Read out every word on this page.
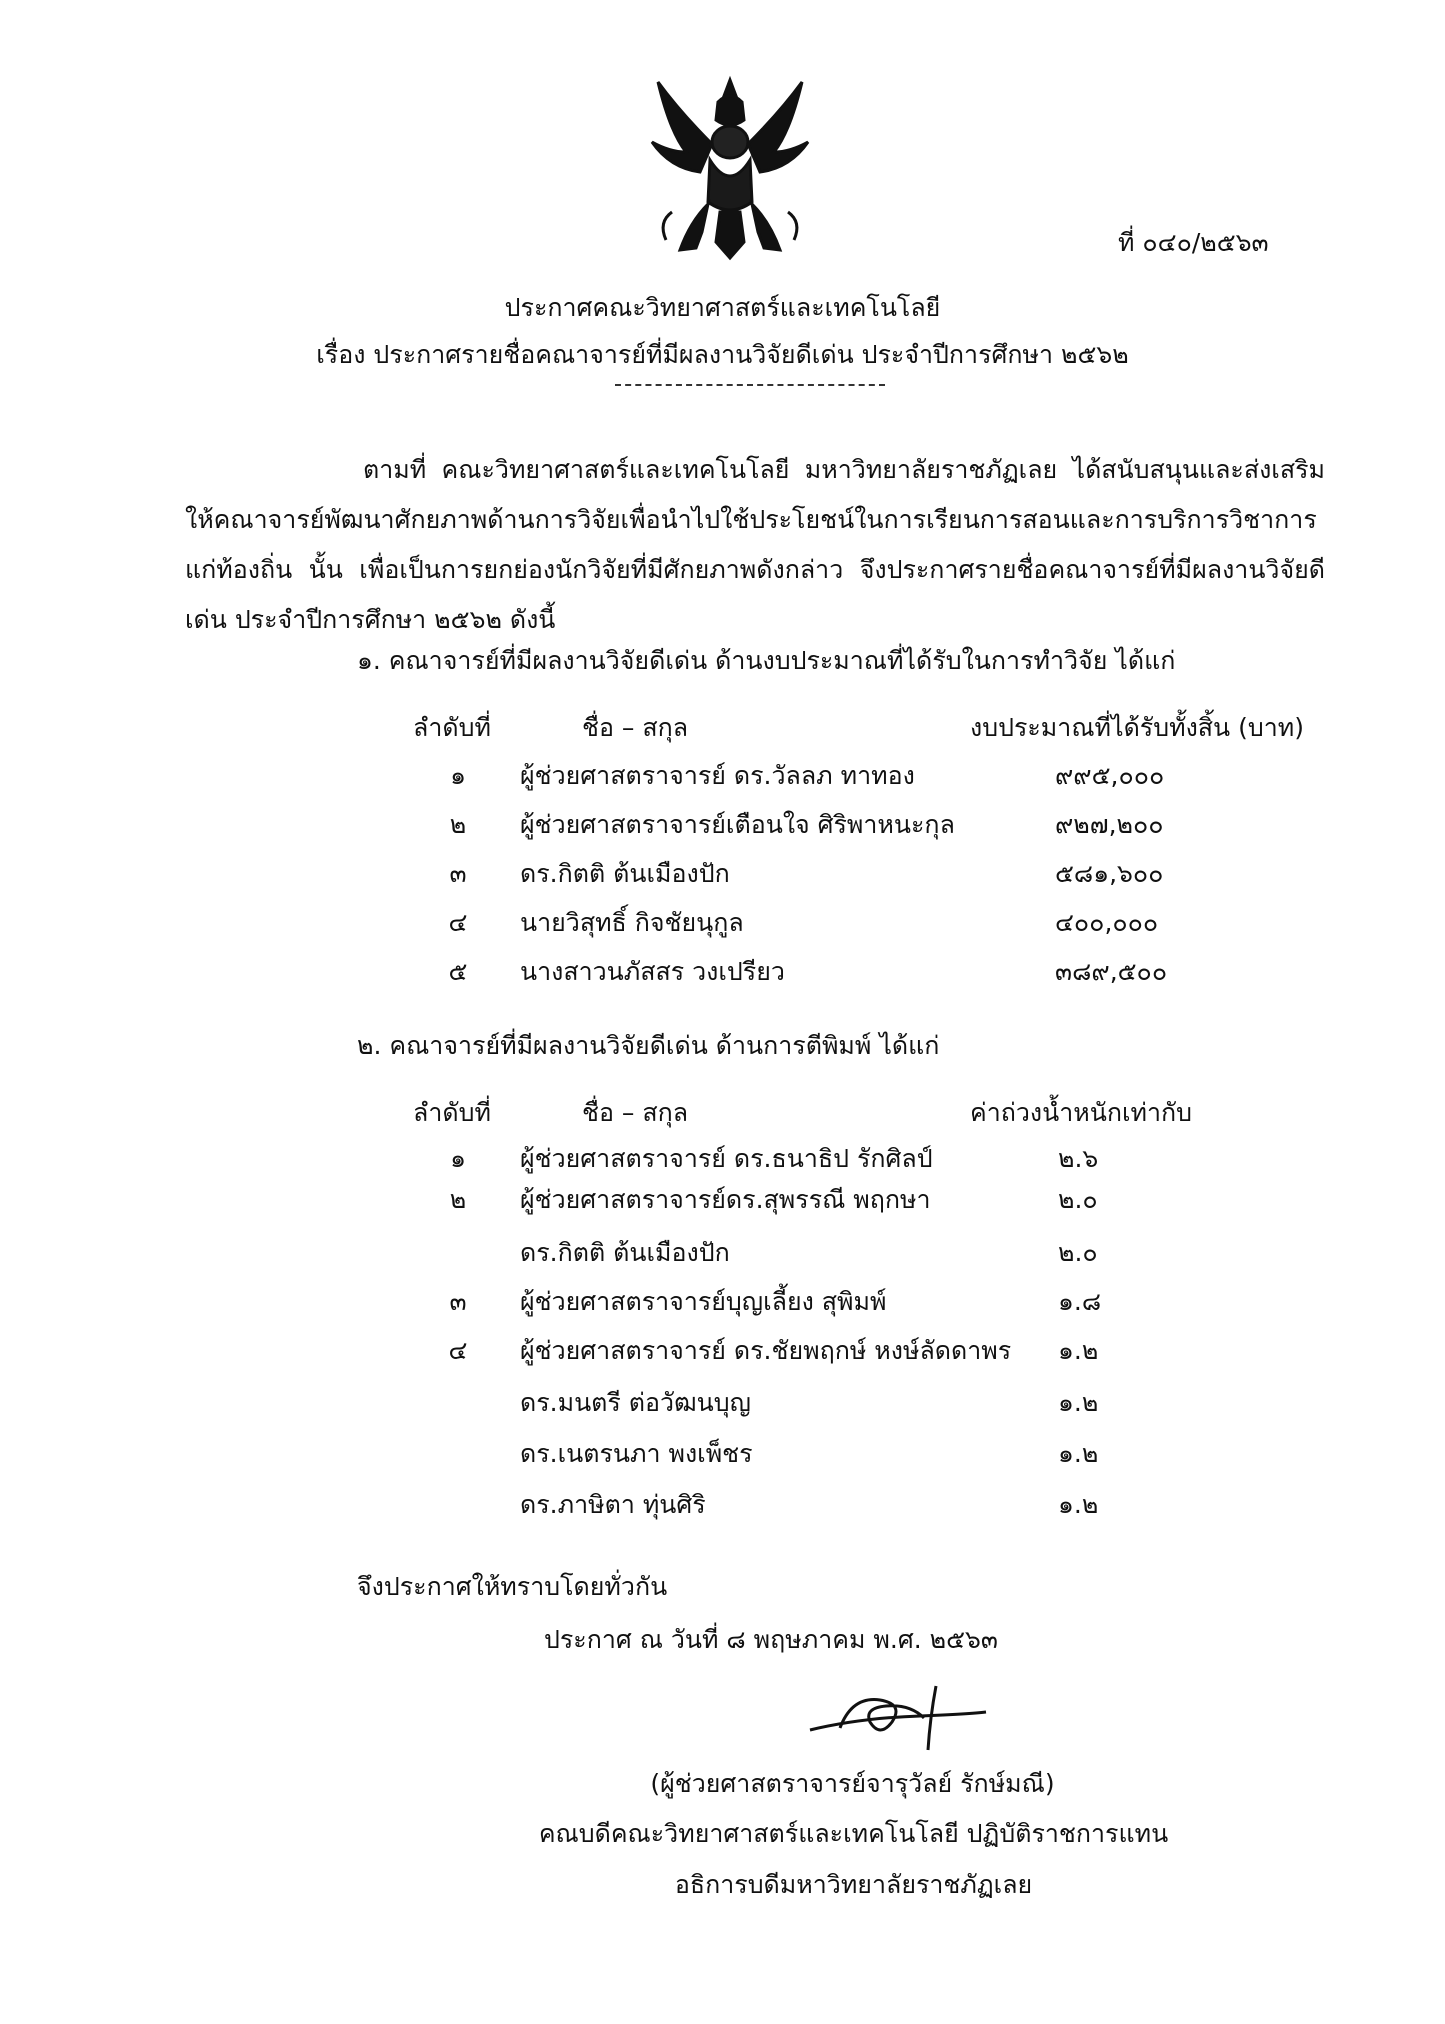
ที่ ๐๔๐/๒๕๖๓
ประกาศคณะวิทยาศาสตร์และเทคโนโลยี
เรื่อง ประกาศรายชื่อคณาจารย์ที่มีผลงานวิจัยดีเด่น ประจำปีการศึกษา ๒๕๖๒

ตามที่ คณะวิทยาศาสตร์และเทคโนโลยี มหาวิทยาลัยราชภัฏเลย ได้สนับสนุนและส่งเสริมให้คณาจารย์พัฒนาศักยภาพด้านการวิจัยเพื่อนำไปใช้ประโยชน์ในการเรียนการสอนและการบริการวิชาการแก่ท้องถิ่น นั้น เพื่อเป็นการยกย่องนักวิจัยที่มีศักยภาพดังกล่าว จึงประกาศรายชื่อคณาจารย์ที่มีผลงานวิจัยดีเด่น ประจำปีการศึกษา ๒๕๖๒ ดังนี้

๑. คณาจารย์ที่มีผลงานวิจัยดีเด่น ด้านงบประมาณที่ได้รับในการทำวิจัย ได้แก่
ลำดับที่	ชื่อ – สกุล	งบประมาณที่ได้รับทั้งสิ้น (บาท)
๑ ผู้ช่วยศาสตราจารย์ ดร.วัลลภ ทาทอง	๙๙๕,๐๐๐
๒ ผู้ช่วยศาสตราจารย์เตือนใจ ศิริพาหนะกุล	๙๒๗,๒๐๐
๓ ดร.กิตติ ต้นเมืองปัก	๕๘๑,๖๐๐
๔ นายวิสุทธิ์ กิจชัยนุกูล	๔๐๐,๐๐๐
๕ นางสาวนภัสสร วงเปรียว	๓๘๙,๕๐๐
๒. คณาจารย์ที่มีผลงานวิจัยดีเด่น ด้านการตีพิมพ์ ได้แก่
ลำดับที่	ชื่อ – สกุล	ค่าถ่วงน้ำหนักเท่ากับ
๑ ผู้ช่วยศาสตราจารย์ ดร.ธนาธิป รักศิลป์	๒.๖
๒ ผู้ช่วยศาสตราจารย์ดร.สุพรรณี พฤกษา	๒.๐
ดร.กิตติ ต้นเมืองปัก	๒.๐
๓ ผู้ช่วยศาสตราจารย์บุญเลี้ยง สุพิมพ์	๑.๘
๔ ผู้ช่วยศาสตราจารย์ ดร.ชัยพฤกษ์ หงษ์ลัดดาพร ๑.๒
ดร.มนตรี ต่อวัฒนบุญ	๑.๒
ดร.เนตรนภา พงเพ็ชร	๑.๒
ดร.ภาษิตา ทุ่นศิริ	๑.๒
จึงประกาศให้ทราบโดยทั่วกัน
ประกาศ ณ วันที่ ๘ พฤษภาคม พ.ศ. ๒๕๖๓
(ผู้ช่วยศาสตราจารย์จารุวัลย์ รักษ์มณี)
คณบดีคณะวิทยาศาสตร์และเทคโนโลยี ปฏิบัติราชการแทน
อธิการบดีมหาวิทยาลัยราชภัฏเลย
